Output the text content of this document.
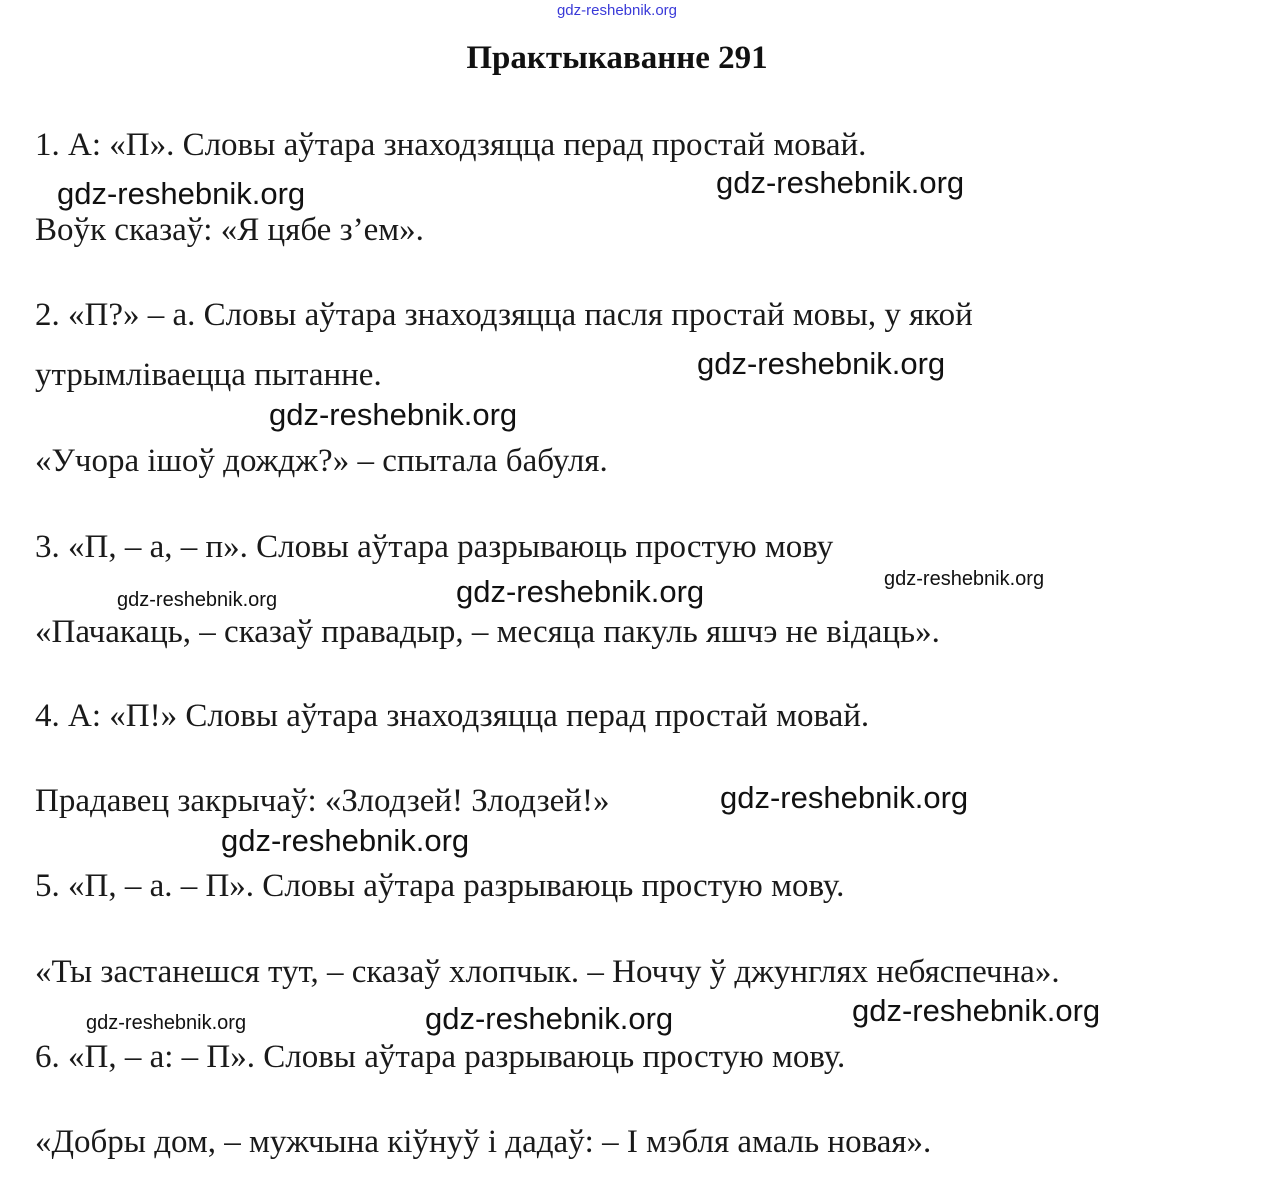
gdz-reshebnik.org
Практыкаванне 291
1. А: «П». Словы аўтара знаходзяцца перад простай мовай.
Воўк сказаў: «Я цябе з’ем».
2. «П?» – а. Словы аўтара знаходзяцца пасля простай мовы, у якой
утрымліваецца пытанне.
«Учора ішоў дождж?» – спытала бабуля.
3. «П, – а, – п». Словы аўтара разрываюць простую мову
«Пачакаць, – сказаў правадыр, – месяца пакуль яшчэ не відаць».
4. А: «П!» Словы аўтара знаходзяцца перад простай мовай.
Прадавец закрычаў: «Злодзей! Злодзей!»
5. «П, – а. – П». Словы аўтара разрываюць простую мову.
«Ты застанешся тут, – сказаў хлопчык. – Ноччу ў джунглях небяспечна».
6. «П, – а: – П». Словы аўтара разрываюць простую мову.
«Добры дом, – мужчына кіўнуў і дадаў: – І мэбля амаль новая».
gdz-reshebnik.org
gdz-reshebnik.org
gdz-reshebnik.org
gdz-reshebnik.org
gdz-reshebnik.org
gdz-reshebnik.org	gdz-reshebnik.org
gdz-reshebnik.org
gdz-reshebnik.org
gdz-reshebnik.org
gdz-reshebnik.org	gdz-reshebnik.org
